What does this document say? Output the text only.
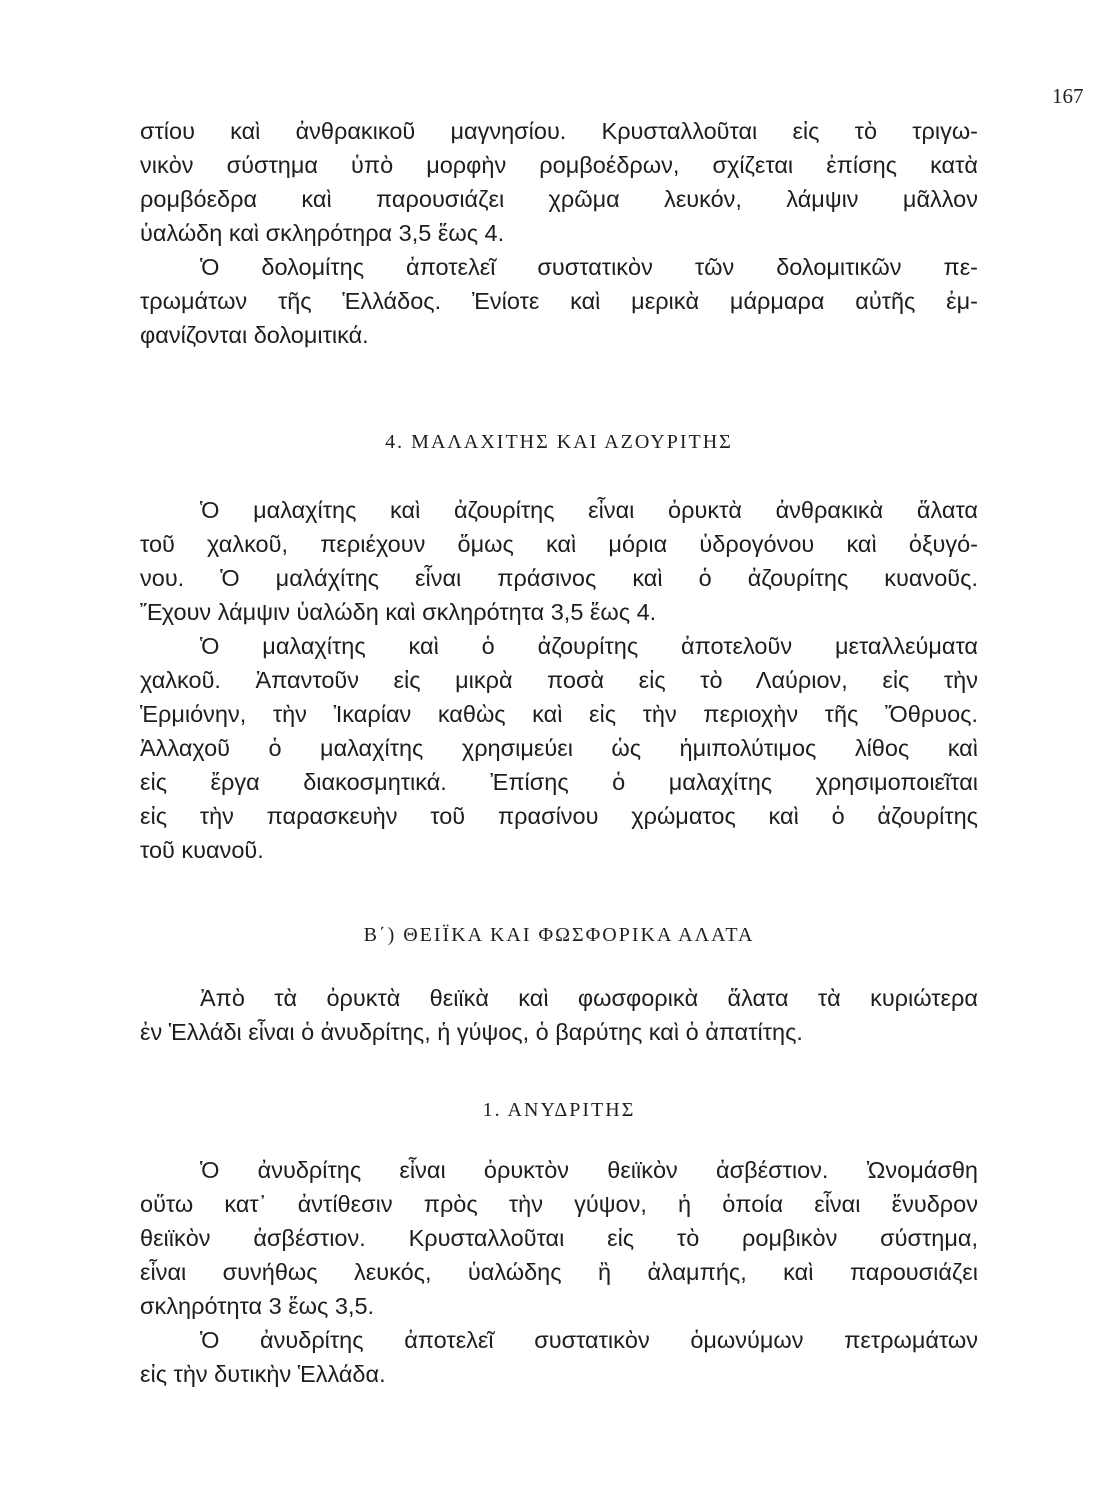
167
στίου καὶ ἀνθρακικοῦ μαγνησίου. Κρυσταλλοῦται εἰς τὸ τριγω-
νικὸν σύστημα ὑπὸ μορφὴν ρομβοέδρων, σχίζεται ἐπίσης κατὰ
ρομβόεδρα καὶ παρουσιάζει χρῶμα λευκόν, λάμψιν μᾶλλον
ὑαλώδη καὶ σκληρότηρα 3,5 ἕως 4.
Ὁ δολομίτης ἀποτελεῖ συστατικὸν τῶν δολομιτικῶν πε-
τρωμάτων τῆς Ἑλλάδος. Ἐνίοτε καὶ μερικὰ μάρμαρα αὐτῆς ἐμ-
φανίζονται δολομιτικά.
4. ΜΑΛΑΧΙΤΗΣ ΚΑΙ ΑΖΟΥΡΙΤΗΣ
Ὁ μαλαχίτης καὶ ἀζουρίτης εἶναι ὀρυκτὰ ἀνθρακικὰ ἅλατα
τοῦ χαλκοῦ, περιέχουν ὅμως καὶ μόρια ὑδρογόνου καὶ ὀξυγό-
νου. Ὁ μαλάχίτης εἶναι πράσινος καὶ ὁ ἀζουρίτης κυανοῦς.
Ἔχουν λάμψιν ὑαλώδη καὶ σκληρότητα 3,5 ἕως 4.
Ὁ μαλαχίτης καὶ ὁ ἀζουρίτης ἀποτελοῦν μεταλλεύματα
χαλκοῦ. Ἀπαντοῦν εἰς μικρὰ ποσὰ εἰς τὸ Λαύριον, εἰς τὴν
Ἑρμιόνην, τὴν Ἰκαρίαν καθὼς καὶ εἰς τὴν περιοχὴν τῆς Ὄθρυος.
Ἀλλαχοῦ ὁ μαλαχίτης χρησιμεύει ὡς ἡμιπολύτιμος λίθος καὶ
εἰς ἔργα διακοσμητικά. Ἐπίσης ὁ μαλαχίτης χρησιμοποιεῖται
εἰς τὴν παρασκευὴν τοῦ πρασίνου χρώματος καὶ ὁ ἀζουρίτης
τοῦ κυανοῦ.
Β΄) ΘΕΙΪΚΑ ΚΑΙ ΦΩΣΦΟΡΙΚΑ ΑΛΑΤΑ
Ἀπὸ τὰ ὀρυκτὰ θειϊκὰ καὶ φωσφορικὰ ἅλατα τὰ κυριώτερα
ἐν Ἑλλάδι εἶναι ὁ ἀνυδρίτης, ἡ γύψος, ὁ βαρύτης καὶ ὁ ἀπατίτης.
1. ΑΝΥΔΡΙΤΗΣ
Ὁ ἀνυδρίτης εἶναι ὀρυκτὸν θειϊκὸν ἀσβέστιον. Ὠνομάσθη
οὕτω κατ᾽ ἀντίθεσιν πρὸς τὴν γύψον, ἡ ὁποία εἶναι ἔνυδρον
θειϊκὸν ἀσβέστιον. Κρυσταλλοῦται εἰς τὸ ρομβικὸν σύστημα,
εἶναι συνήθως λευκός, ὑαλώδης ἢ ἀλαμπής, καὶ παρουσιάζει
σκληρότητα 3 ἕως 3,5.
Ὁ ἀνυδρίτης ἀποτελεῖ συστατικὸν ὁμωνύμων πετρωμάτων
εἰς τὴν δυτικὴν Ἑλλάδα.
